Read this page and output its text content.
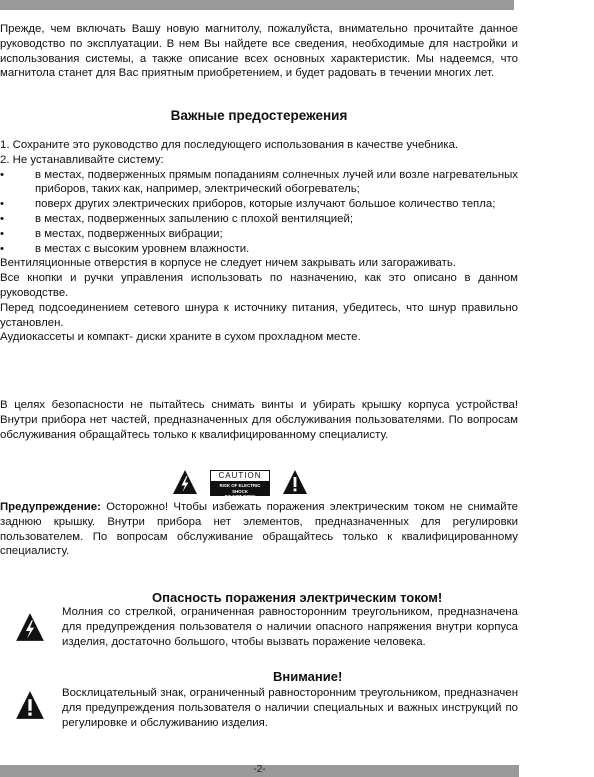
Прежде, чем включать Вашу новую магнитолу, пожалуйста, внимательно прочитайте данное руководство по эксплуатации. В нем Вы найдете все сведения, необходимые для настройки и использования системы, а также описание всех основных характеристик. Мы надеемся, что магнитола станет для Вас приятным приобретением, и будет радовать в течении многих лет.

Важные предостережения

1. Сохраните это руководство для последующего использования в качестве учебника.

2. Не устанавливайте систему:

• в местах, подверженных прямым попаданиям солнечных лучей или возле нагревательных приборов, таких как, например, электрический обогреватель;
• поверх других электрических приборов, которые излучают большое количество тепла;
• в местах, подверженных запылению с плохой вентиляцией;
• в местах, подверженных вибрации;
• в местах с высоким уровнем влажности.

Вентиляционные отверстия в корпусе не следует ничем закрывать или загораживать.

Все кнопки и ручки управления использовать по назначению, как это описано в данном руководстве.

Перед подсоединением сетевого шнура к источнику питания, убедитесь, что шнур правильно установлен.

Аудиокассеты и компакт- диски храните в сухом прохладном месте.

В целях безопасности не пытайтесь снимать винты и убирать крышку корпуса устройства! Внутри прибора нет частей, предназначенных для обслуживания пользователями. По вопросам обслуживания обращайтесь только к квалифицированному специалисту.
CAUTION
RISK OF ELECTRIC SHOCK
DO NOT OPEN
Предупреждение: Осторожно! Чтобы избежать поражения электрическим током не снимайте заднюю крышку. Внутри прибора нет элементов, предназначенных для регулировки пользователем. По вопросам обслуживание обращайтесь только к квалифицированному специалисту.
Опасность поражения электрическим током!
Молния со стрелкой, ограниченная равносторонним треугольником, предназначена для предупреждения пользователя о наличии опасного напряжения внутри корпуса изделия, достаточно большого, чтобы вызвать поражение человека.
Внимание!
Восклицательный знак, ограниченный равносторонним треугольником, предназначен для предупреждения пользователя о наличии специальных и важных инструкций по регулировке и обслуживанию изделия.
-2-
